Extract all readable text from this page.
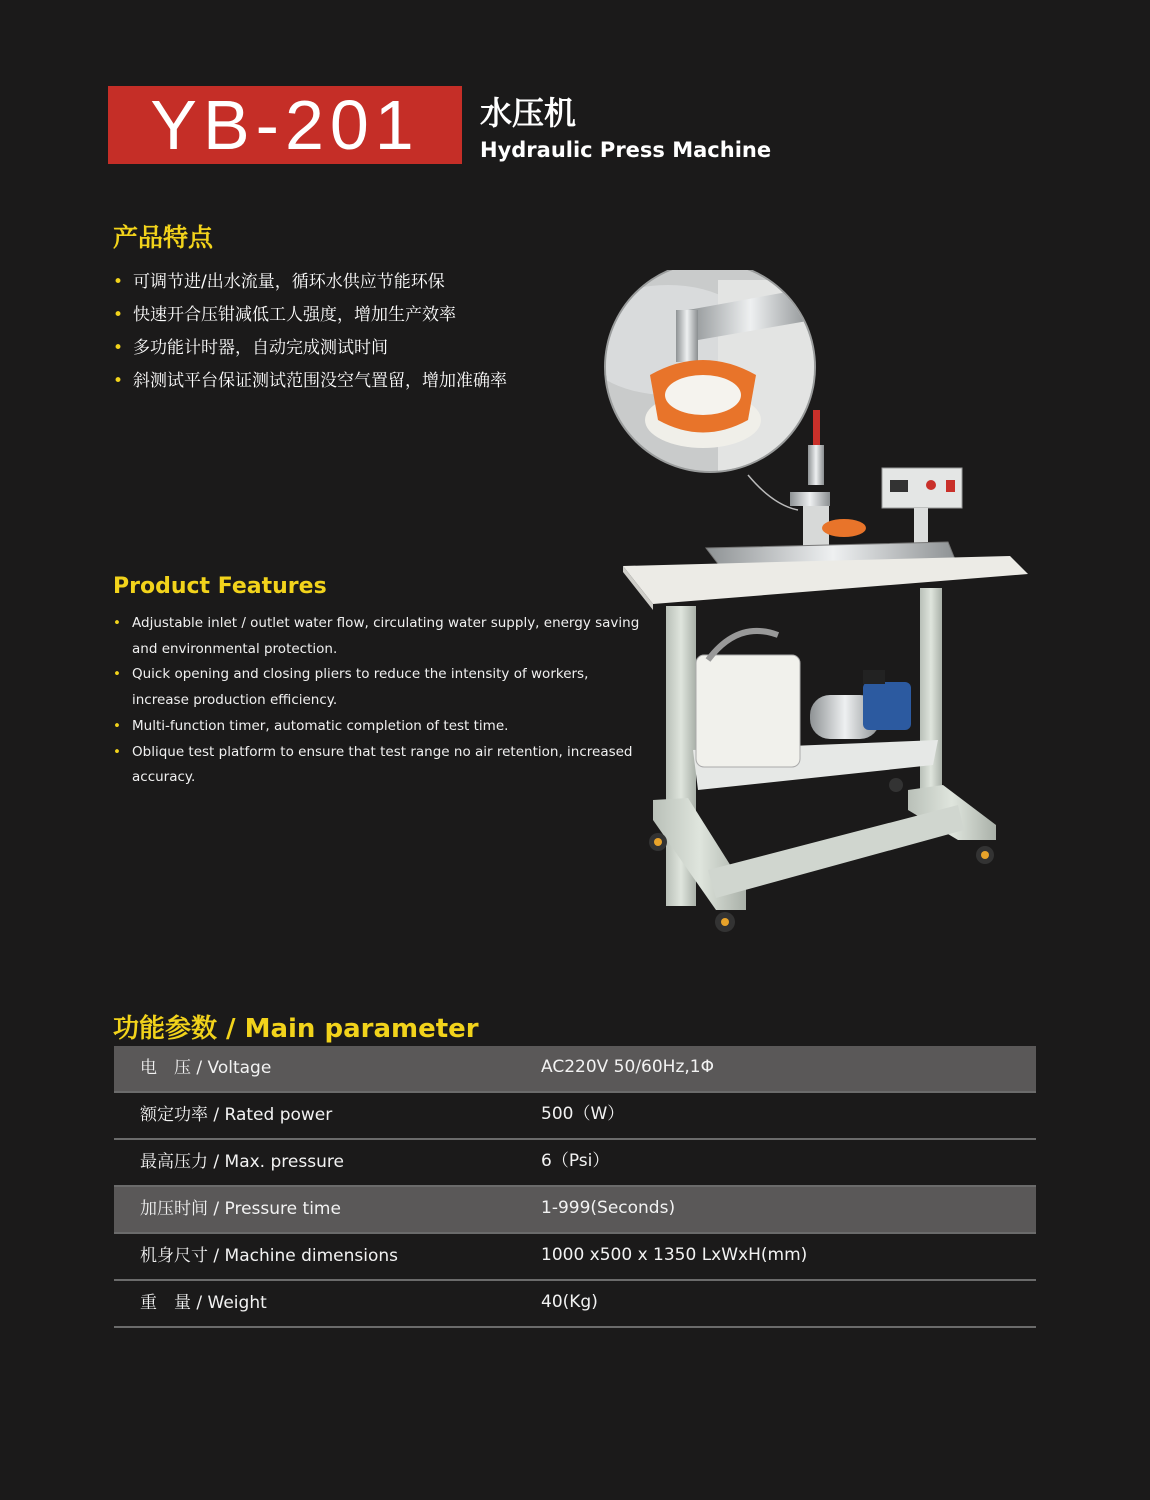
YB-201	水压机
Hydraulic Press Machine
产品特点
• 可调节进/出水流量，循环水供应节能环保
• 快速开合压钳减低工人强度，增加生产效率
• 多功能计时器，自动完成测试时间
• 斜测试平台保证测试范围没空气置留，增加准确率
Product Features
• Adjustable inlet / outlet water flow, circulating water supply, energy saving and environmental protection.
• Quick opening and closing pliers to reduce the intensity of workers, increase production efficiency.
• Multi-function timer, automatic completion of test time.
• Oblique test platform to ensure that test range no air retention, increased accuracy.
功能参数 / Main parameter
电　压 / Voltage	AC220V 50/60Hz,1Φ
额定功率 / Rated power	500（W）
最高压力 / Max. pressure	6（Psi）
加压时间 / Pressure time	1-999(Seconds)
机身尺寸 / Machine dimensions	1000 x500 x 1350 LxWxH(mm)
重　量 / Weight	40(Kg)
